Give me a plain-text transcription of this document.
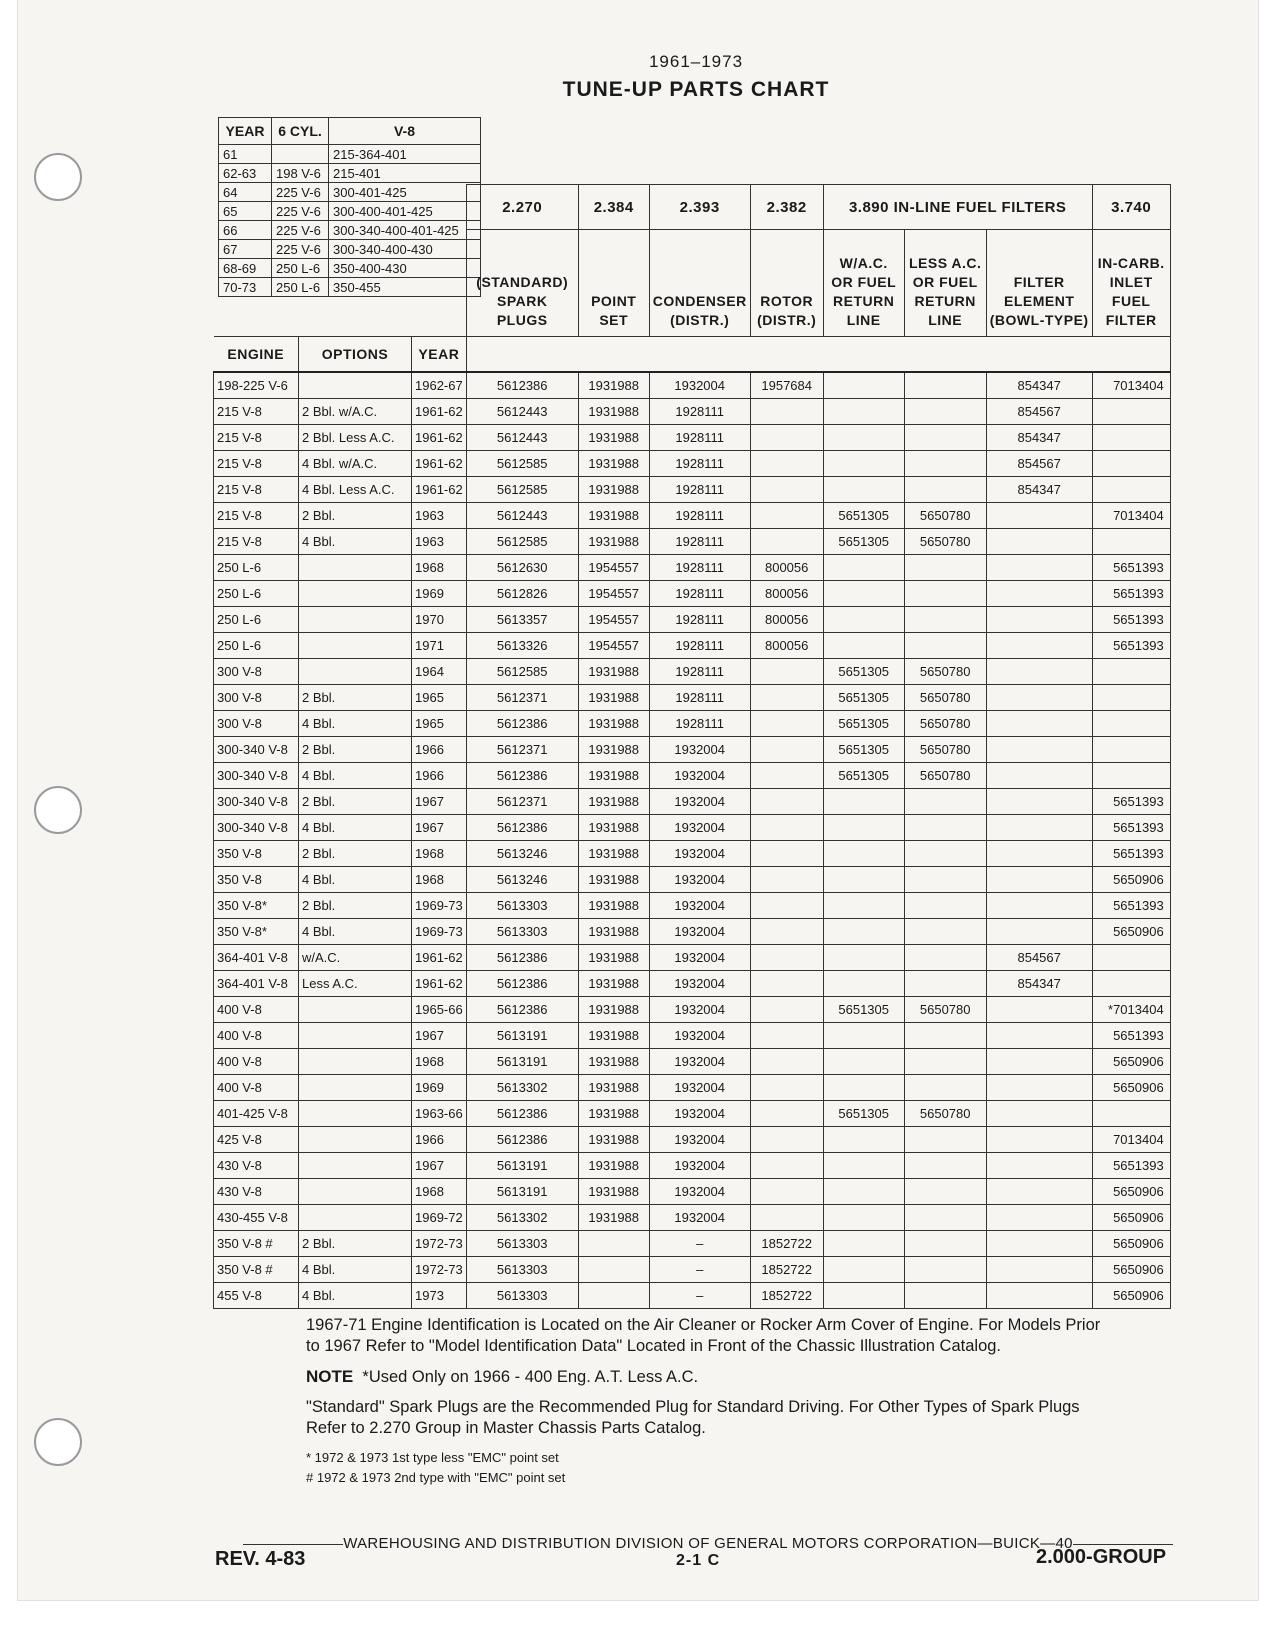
1961–1973
TUNE-UP PARTS CHART
YEAR	6 CYL.	V-8
61		215-364-401
62-63	198 V-6	215-401
64	225 V-6	300-401-425
65	225 V-6	300-400-401-425
66	225 V-6	300-340-400-401-425
67	225 V-6	300-340-400-430
68-69	250 L-6	350-400-430
70-73	250 L-6	350-455
			2.270	2.384	2.393	2.382	3.890 IN-LINE FUEL FILTERS			3.740
			(STANDARD) SPARK PLUGS	POINT SET	CONDENSER (DISTR.)	ROTOR (DISTR.)	W/A.C. OR FUEL RETURN LINE	LESS A.C. OR FUEL RETURN LINE	FILTER ELEMENT (BOWL-TYPE)	IN-CARB. INLET FUEL FILTER
ENGINE	OPTIONS	YEAR								
198-225 V-6		1962-67	5612386	1931988	1932004	1957684			854347	7013404
215 V-8	2 Bbl. w/A.C.	1961-62	5612443	1931988	1928111				854567	
215 V-8	2 Bbl. Less A.C.	1961-62	5612443	1931988	1928111				854347	
215 V-8	4 Bbl. w/A.C.	1961-62	5612585	1931988	1928111				854567	
215 V-8	4 Bbl. Less A.C.	1961-62	5612585	1931988	1928111				854347	
215 V-8	2 Bbl.	1963	5612443	1931988	1928111		5651305	5650780		7013404
215 V-8	4 Bbl.	1963	5612585	1931988	1928111		5651305	5650780		
250 L-6		1968	5612630	1954557	1928111	800056				5651393
250 L-6		1969	5612826	1954557	1928111	800056				5651393
250 L-6		1970	5613357	1954557	1928111	800056				5651393
250 L-6		1971	5613326	1954557	1928111	800056				5651393
300 V-8		1964	5612585	1931988	1928111		5651305	5650780		
300 V-8	2 Bbl.	1965	5612371	1931988	1928111		5651305	5650780		
300 V-8	4 Bbl.	1965	5612386	1931988	1928111		5651305	5650780		
300-340 V-8	2 Bbl.	1966	5612371	1931988	1932004		5651305	5650780		
300-340 V-8	4 Bbl.	1966	5612386	1931988	1932004		5651305	5650780		
300-340 V-8	2 Bbl.	1967	5612371	1931988	1932004					5651393
300-340 V-8	4 Bbl.	1967	5612386	1931988	1932004					5651393
350 V-8	2 Bbl.	1968	5613246	1931988	1932004					5651393
350 V-8	4 Bbl.	1968	5613246	1931988	1932004					5650906
350 V-8*	2 Bbl.	1969-73	5613303	1931988	1932004					5651393
350 V-8*	4 Bbl.	1969-73	5613303	1931988	1932004					5650906
364-401 V-8	w/A.C.	1961-62	5612386	1931988	1932004				854567	
364-401 V-8	Less A.C.	1961-62	5612386	1931988	1932004				854347	
400 V-8		1965-66	5612386	1931988	1932004		5651305	5650780		*7013404
400 V-8		1967	5613191	1931988	1932004					5651393
400 V-8		1968	5613191	1931988	1932004					5650906
400 V-8		1969	5613302	1931988	1932004					5650906
401-425 V-8		1963-66	5612386	1931988	1932004		5651305	5650780		
425 V-8		1966	5612386	1931988	1932004					7013404
430 V-8		1967	5613191	1931988	1932004					5651393
430 V-8		1968	5613191	1931988	1932004					5650906
430-455 V-8		1969-72	5613302	1931988	1932004					5650906
350 V-8 #	2 Bbl.	1972-73	5613303		–	1852722				5650906
350 V-8 #	4 Bbl.	1972-73	5613303		–	1852722				5650906
455 V-8	4 Bbl.	1973	5613303		–	1852722				5650906

1967-71 Engine Identification is Located on the Air Cleaner or Rocker Arm Cover of Engine. For Models Prior to 1967 Refer to "Model Identification Data" Located in Front of the Chassic Illustration Catalog.

NOTE *Used Only on 1966 - 400 Eng. A.T. Less A.C.

"Standard" Spark Plugs are the Recommended Plug for Standard Driving. For Other Types of Spark Plugs Refer to 2.270 Group in Master Chassis Parts Catalog.

* 1972 & 1973 1st type less "EMC" point set

# 1972 & 1973 2nd type with "EMC" point set

WAREHOUSING AND DISTRIBUTION DIVISION OF GENERAL MOTORS CORPORATION—BUICK—40
REV. 4-83	2-1 C	2.000-GROUP
